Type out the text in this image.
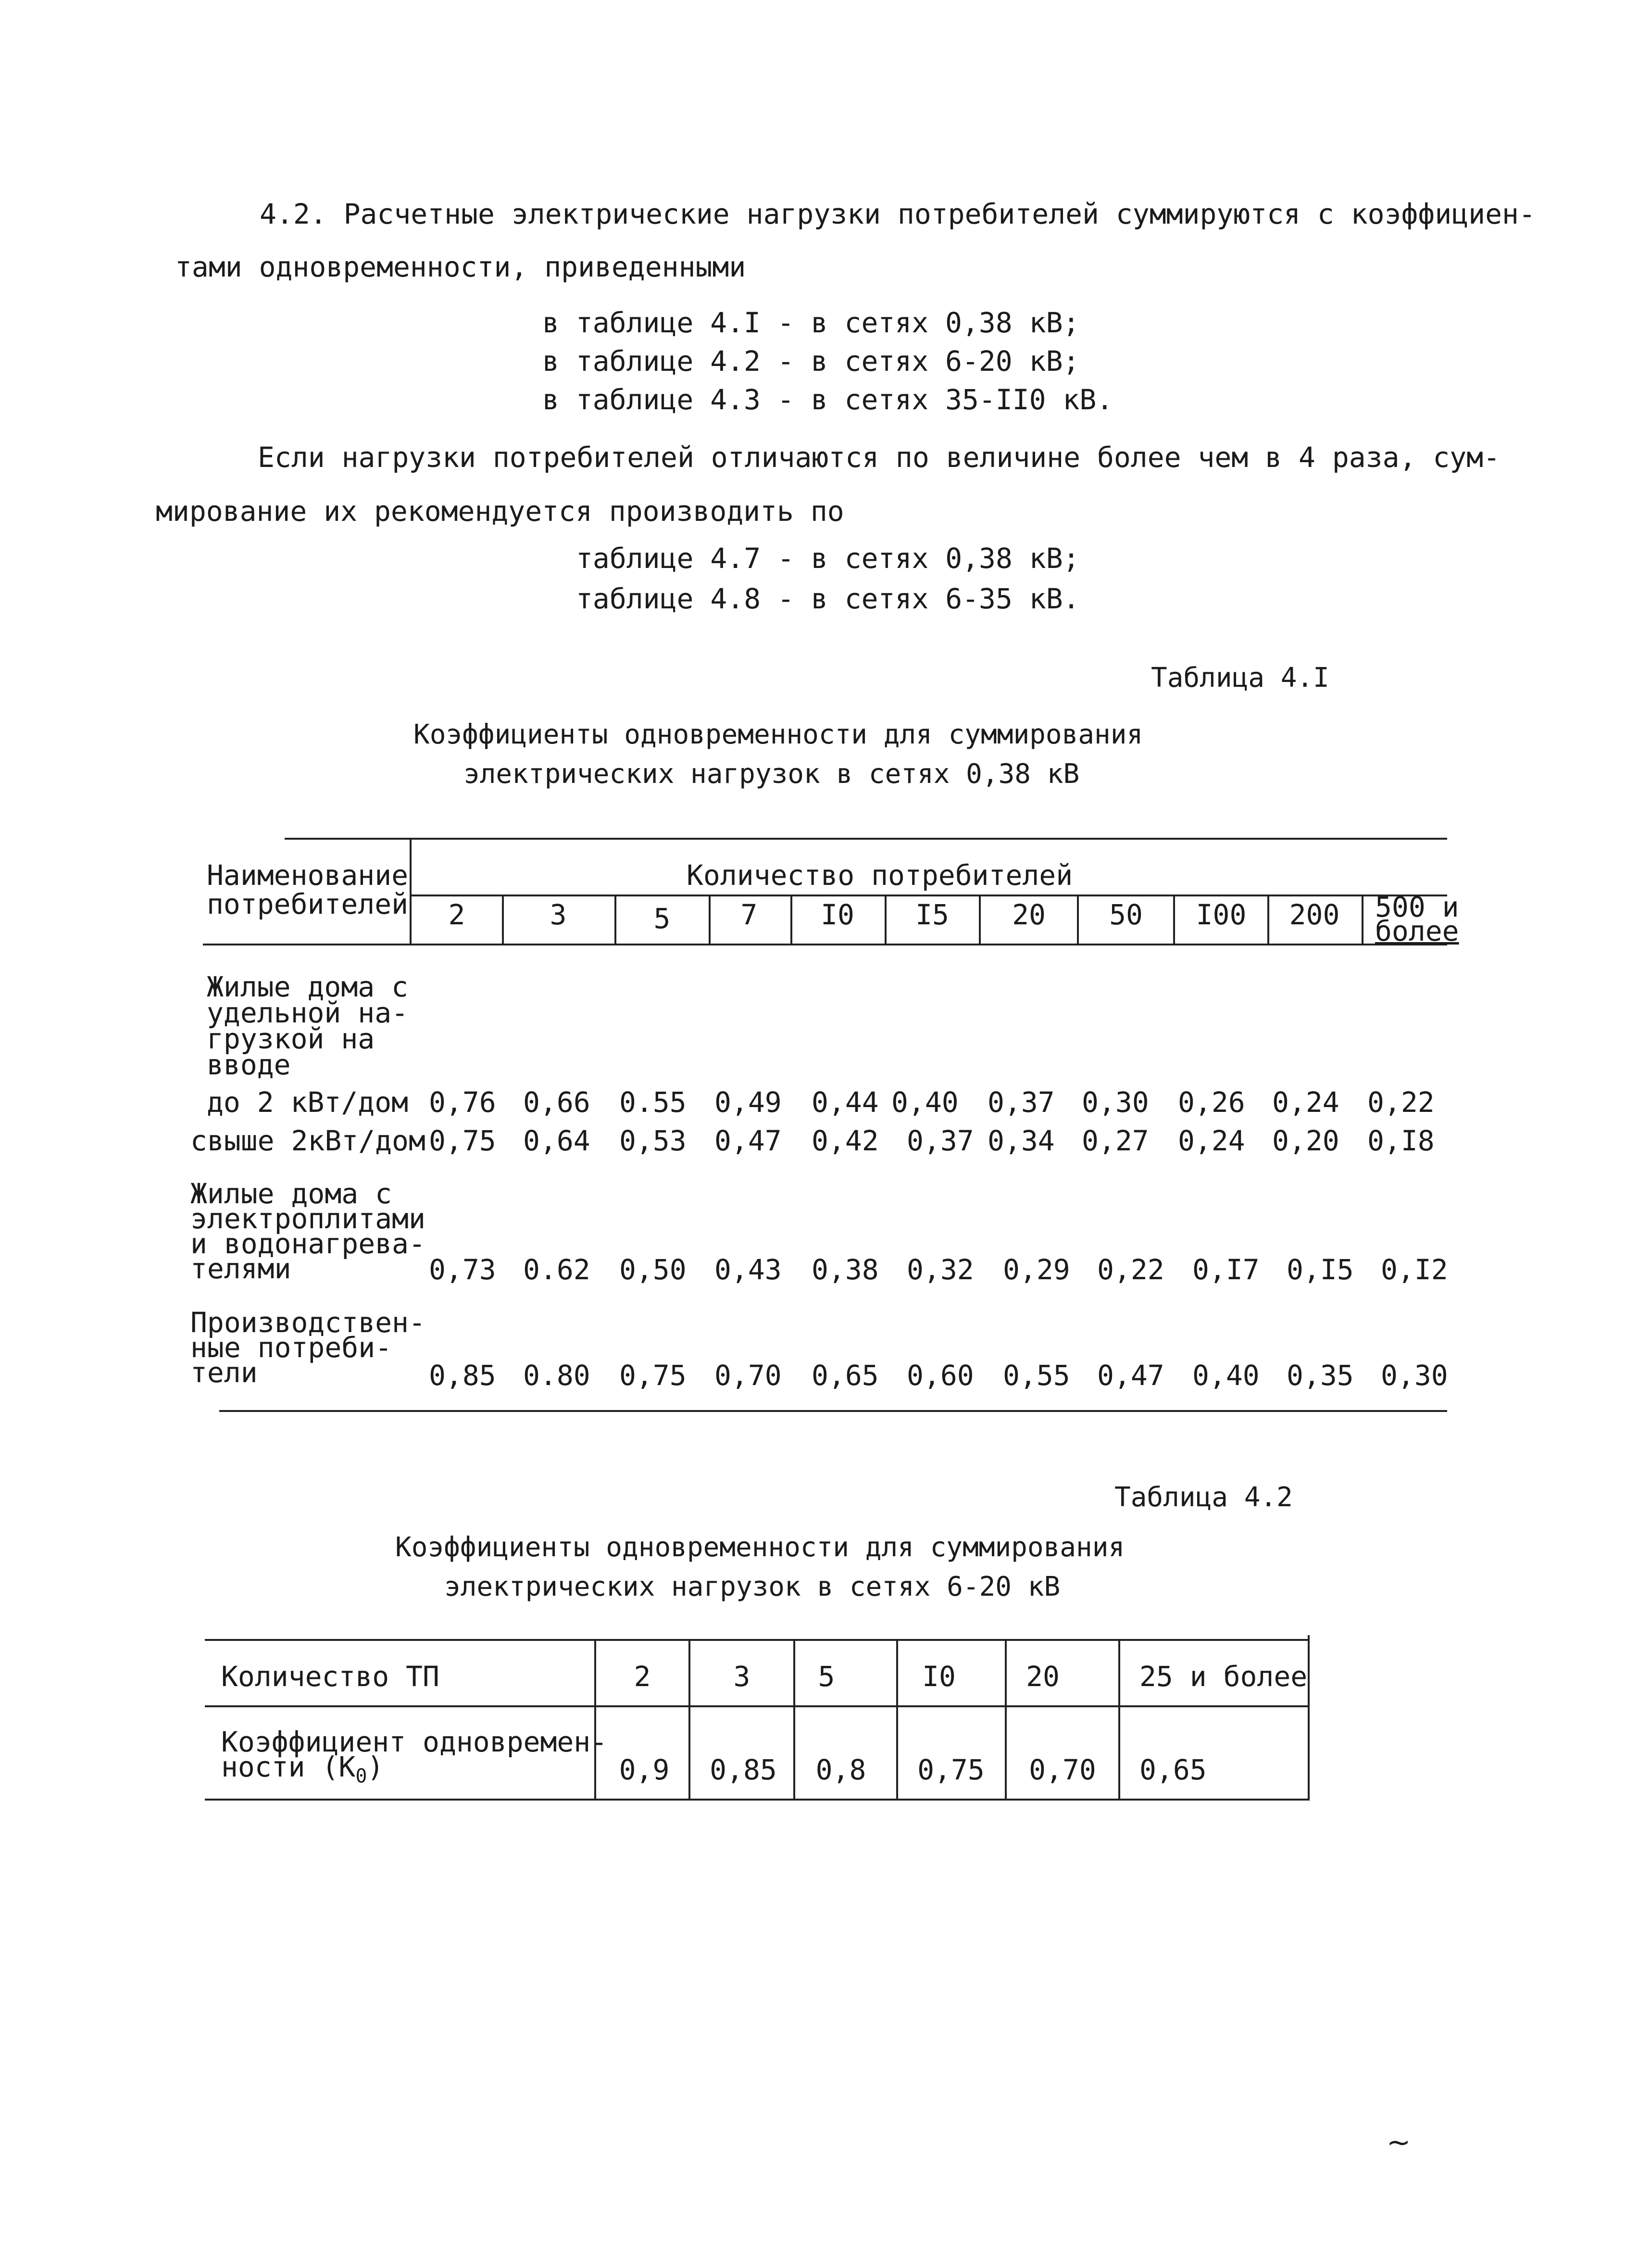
4.2. Расчетные электрические нагрузки потребителей суммируются с коэффициен-
тами одновременности, приведенными
в таблице 4.I - в сетях 0,38 кВ;
в таблице 4.2 - в сетях 6-20 кВ;
в таблице 4.3 - в сетях 35-II0 кВ.
Если нагрузки потребителей отличаются по величине более чем в 4 раза, сум-
мирование их рекомендуется производить по
таблице 4.7 - в сетях 0,38 кВ;
таблице 4.8 - в сетях 6-35 кВ.
Таблица 4.I
Коэффициенты одновременности для суммирования
электрических нагрузок в сетях 0,38 кВ
Наименование
потребителей
Количество потребителей
2	3	5	7	I0	I5	20	50	I00	200	500 и
более
Жилые дома с
удельной на-
грузкой на
вводе
до 2 кВт/дом 0,76 0,66 0.55 0,49 0,44 0,40 0,37 0,30 0,26 0,24 0,22
свыше 2кВт/дом 0,75 0,64 0,53 0,47 0,42 0,37 0,34 0,27 0,24 0,20 0,I8
Жилые дома с
электроплитами
и водонагрева-
телями	0,73 0.62 0,50 0,43 0,38 0,32 0,29 0,22 0,I7 0,I5 0,I2
Производствен-
ные потреби-
тели	0,85 0.80 0,75 0,70 0,65 0,60 0,55 0,47 0,40 0,35 0,30
Таблица 4.2
Коэффициенты одновременности для суммирования
электрических нагрузок в сетях 6-20 кВ
Количество ТП	2	3	5	I0	20	25 и более
Коэффициент одновремен-
ности $(К_0)$	0,9	0,85	0,8	0,75	0,70	0,65
~
